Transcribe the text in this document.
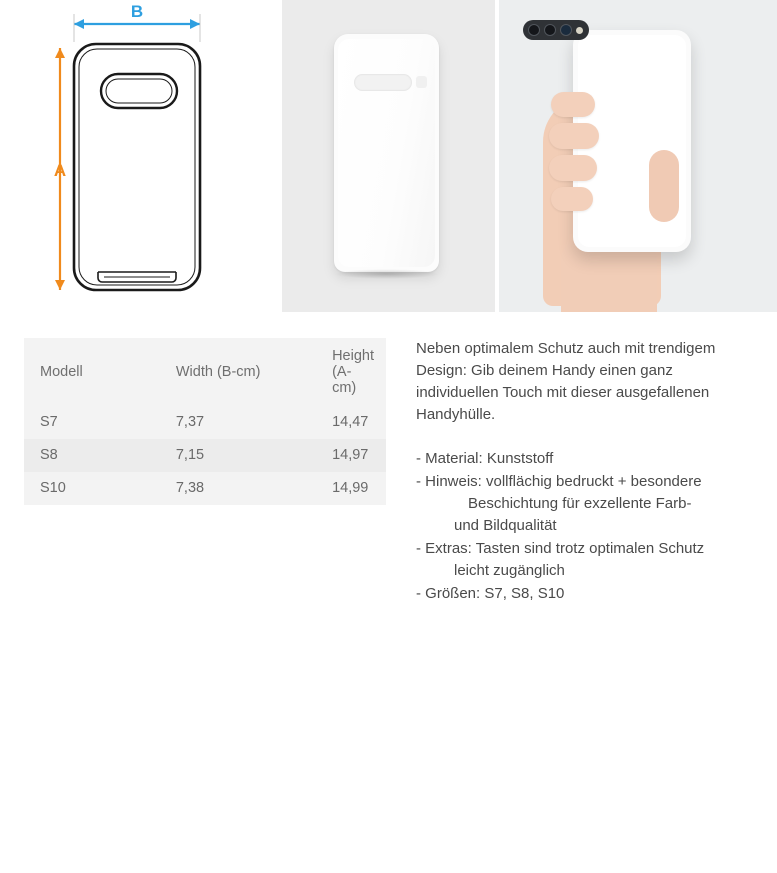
B
A
Modell	Width (B-cm)	Height (A-cm)
S7	7,37	14,47
S8	7,15	14,97
S10	7,38	14,99

Neben optimalem Schutz auch mit trendigem Design: Gib deinem Handy einen ganz individuellen Touch mit dieser ausgefallenen Handyhülle.

- Material: Kunststoff
- Hinweis: vollflächig bedruckt + besondere
Beschichtung für exzellente Farb-
und Bildqualität
- Extras: Tasten sind trotz optimalen Schutz
leicht zugänglich
- Größen: S7, S8, S10
